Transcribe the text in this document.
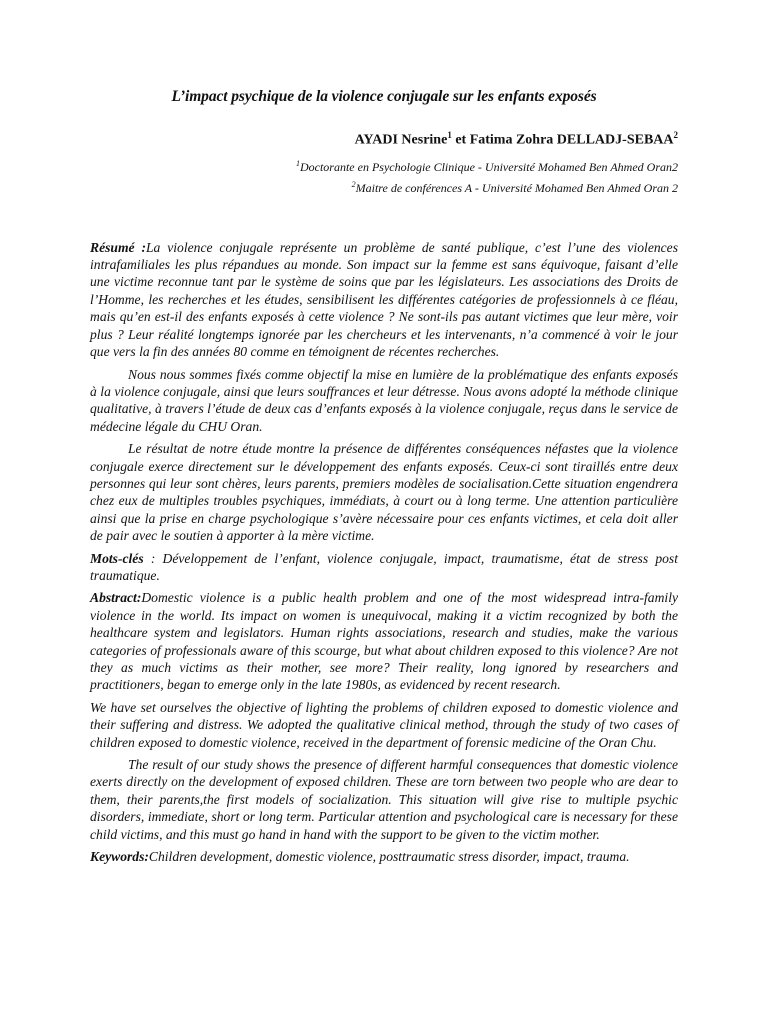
L’impact psychique de la violence conjugale sur les enfants exposés
AYADI Nesrine$^1$ et Fatima Zohra DELLADJ-SEBAA$^2$

$^1$Doctorante en Psychologie Clinique - Université Mohamed Ben Ahmed Oran2

$^2$Maitre de conférences A - Université Mohamed Ben Ahmed Oran 2

Résumé :La violence conjugale représente un problème de santé publique, c’est l’une des violences intrafamiliales les plus répandues au monde. Son impact sur la femme est sans équivoque, faisant d’elle une victime reconnue tant par le système de soins que par les législateurs. Les associations des Droits de l’Homme, les recherches et les études, sensibilisent les différentes catégories de professionnels à ce fléau, mais qu’en est-il des enfants exposés à cette violence ? Ne sont-ils pas autant victimes que leur mère, voir plus ? Leur réalité longtemps ignorée par les chercheurs et les intervenants, n’a commencé à voir le jour que vers la fin des années 80 comme en témoignent de récentes recherches.

Nous nous sommes fixés comme objectif la mise en lumière de la problématique des enfants exposés à la violence conjugale, ainsi que leurs souffrances et leur détresse. Nous avons adopté la méthode clinique qualitative, à travers l’étude de deux cas d’enfants exposés à la violence conjugale, reçus dans le service de médecine légale du CHU Oran.

Le résultat de notre étude montre la présence de différentes conséquences néfastes que la violence conjugale exerce directement sur le développement des enfants exposés. Ceux-ci sont tiraillés entre deux personnes qui leur sont chères, leurs parents, premiers modèles de socialisation.Cette situation engendrera chez eux de multiples troubles psychiques, immédiats, à court ou à long terme. Une attention particulière ainsi que la prise en charge psychologique s’avère nécessaire pour ces enfants victimes, et cela doit aller de pair avec le soutien à apporter à la mère victime.

Mots-clés : Développement de l’enfant, violence conjugale, impact, traumatisme, état de stress post traumatique.

Abstract:Domestic violence is a public health problem and one of the most widespread intra-family violence in the world. Its impact on women is unequivocal, making it a victim recognized by both the healthcare system and legislators. Human rights associations, research and studies, make the various categories of professionals aware of this scourge, but what about children exposed to this violence? Are not they as much victims as their mother, see more? Their reality, long ignored by researchers and practitioners, began to emerge only in the late 1980s, as evidenced by recent research.

We have set ourselves the objective of lighting the problems of children exposed to domestic violence and their suffering and distress. We adopted the qualitative clinical method, through the study of two cases of children exposed to domestic violence, received in the department of forensic medicine of the Oran Chu.

The result of our study shows the presence of different harmful consequences that domestic violence exerts directly on the development of exposed children. These are torn between two people who are dear to them, their parents,the first models of socialization. This situation will give rise to multiple psychic disorders, immediate, short or long term. Particular attention and psychological care is necessary for these child victims, and this must go hand in hand with the support to be given to the victim mother.

Keywords:Children development, domestic violence, posttraumatic stress disorder, impact, trauma.
